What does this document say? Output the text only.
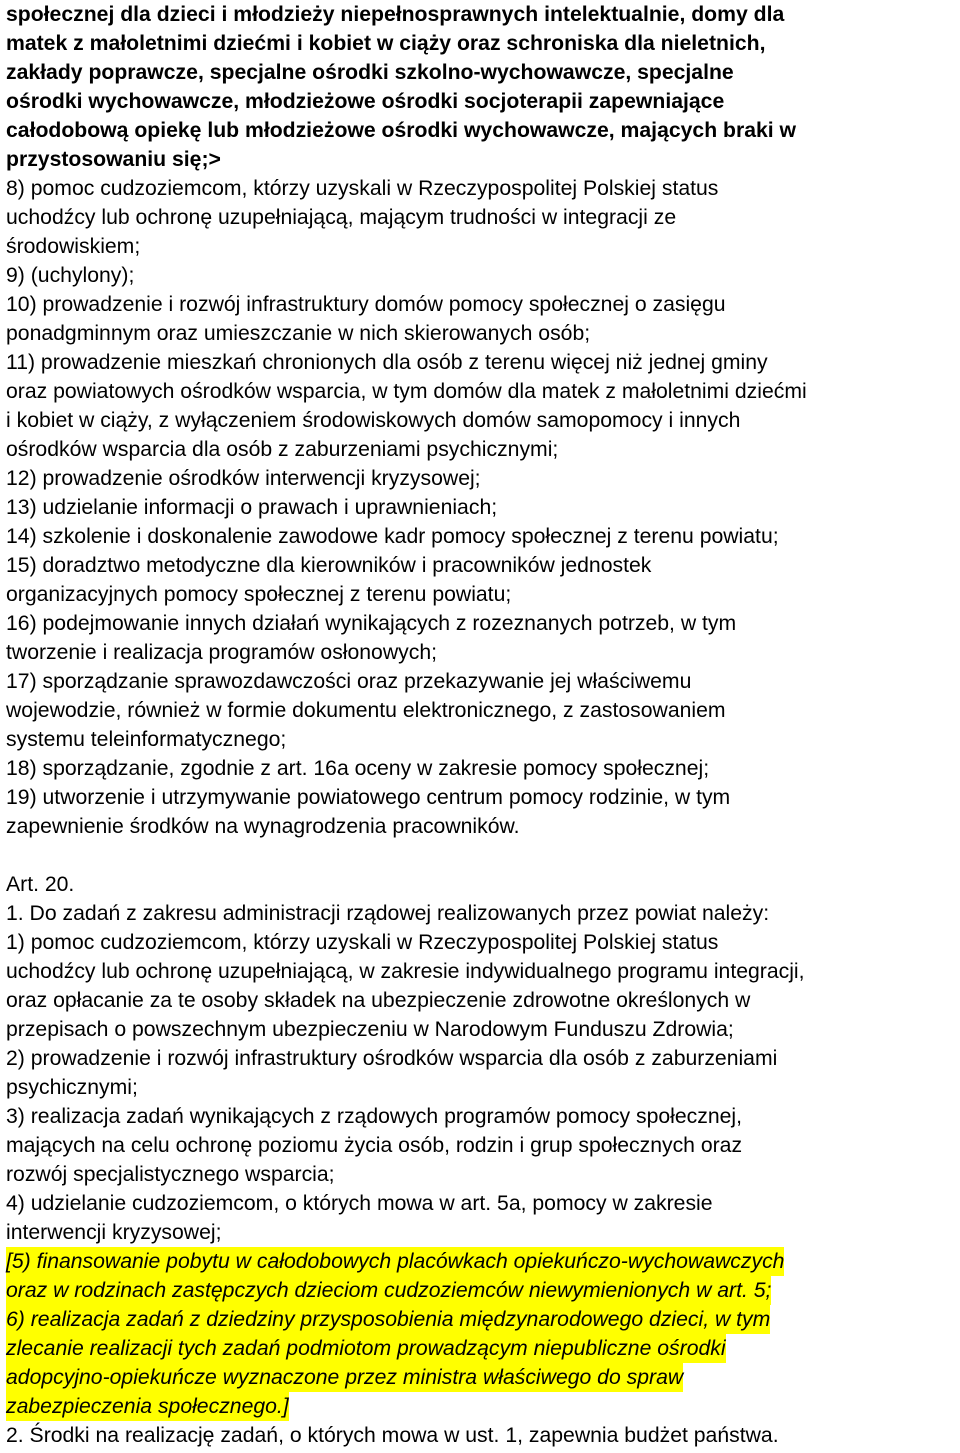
społecznej dla dzieci i młodzieży niepełnosprawnych intelektualnie, domy dla
matek z małoletnimi dziećmi i kobiet w ciąży oraz schroniska dla nieletnich,
zakłady poprawcze, specjalne ośrodki szkolno-wychowawcze, specjalne
ośrodki wychowawcze, młodzieżowe ośrodki socjoterapii zapewniające
całodobową opiekę lub młodzieżowe ośrodki wychowawcze, mających braki w
przystosowaniu się;>
8) pomoc cudzoziemcom, którzy uzyskali w Rzeczypospolitej Polskiej status
uchodźcy lub ochronę uzupełniającą, mającym trudności w integracji ze
środowiskiem;
9) (uchylony);
10) prowadzenie i rozwój infrastruktury domów pomocy społecznej o zasięgu
ponadgminnym oraz umieszczanie w nich skierowanych osób;
11) prowadzenie mieszkań chronionych dla osób z terenu więcej niż jednej gminy
oraz powiatowych ośrodków wsparcia, w tym domów dla matek z małoletnimi dziećmi
i kobiet w ciąży, z wyłączeniem środowiskowych domów samopomocy i innych
ośrodków wsparcia dla osób z zaburzeniami psychicznymi;
12) prowadzenie ośrodków interwencji kryzysowej;
13) udzielanie informacji o prawach i uprawnieniach;
14) szkolenie i doskonalenie zawodowe kadr pomocy społecznej z terenu powiatu;
15) doradztwo metodyczne dla kierowników i pracowników jednostek
organizacyjnych pomocy społecznej z terenu powiatu;
16) podejmowanie innych działań wynikających z rozeznanych potrzeb, w tym
tworzenie i realizacja programów osłonowych;
17) sporządzanie sprawozdawczości oraz przekazywanie jej właściwemu
wojewodzie, również w formie dokumentu elektronicznego, z zastosowaniem
systemu teleinformatycznego;
18) sporządzanie, zgodnie z art. 16a oceny w zakresie pomocy społecznej;
19) utworzenie i utrzymywanie powiatowego centrum pomocy rodzinie, w tym
zapewnienie środków na wynagrodzenia pracowników.
Art. 20.
1. Do zadań z zakresu administracji rządowej realizowanych przez powiat należy:
1) pomoc cudzoziemcom, którzy uzyskali w Rzeczypospolitej Polskiej status
uchodźcy lub ochronę uzupełniającą, w zakresie indywidualnego programu integracji,
oraz opłacanie za te osoby składek na ubezpieczenie zdrowotne określonych w
przepisach o powszechnym ubezpieczeniu w Narodowym Funduszu Zdrowia;
2) prowadzenie i rozwój infrastruktury ośrodków wsparcia dla osób z zaburzeniami
psychicznymi;
3) realizacja zadań wynikających z rządowych programów pomocy społecznej,
mających na celu ochronę poziomu życia osób, rodzin i grup społecznych oraz
rozwój specjalistycznego wsparcia;
4) udzielanie cudzoziemcom, o których mowa w art. 5a, pomocy w zakresie
interwencji kryzysowej;
[5) finansowanie pobytu w całodobowych placówkach opiekuńczo-wychowawczych
oraz w rodzinach zastępczych dzieciom cudzoziemców niewymienionych w art. 5;
6) realizacja zadań z dziedziny przysposobienia międzynarodowego dzieci, w tym
zlecanie realizacji tych zadań podmiotom prowadzącym niepubliczne ośrodki
adopcyjno-opiekuńcze wyznaczone przez ministra właściwego do spraw
zabezpieczenia społecznego.]
2. Środki na realizację zadań, o których mowa w ust. 1, zapewnia budżet państwa.
